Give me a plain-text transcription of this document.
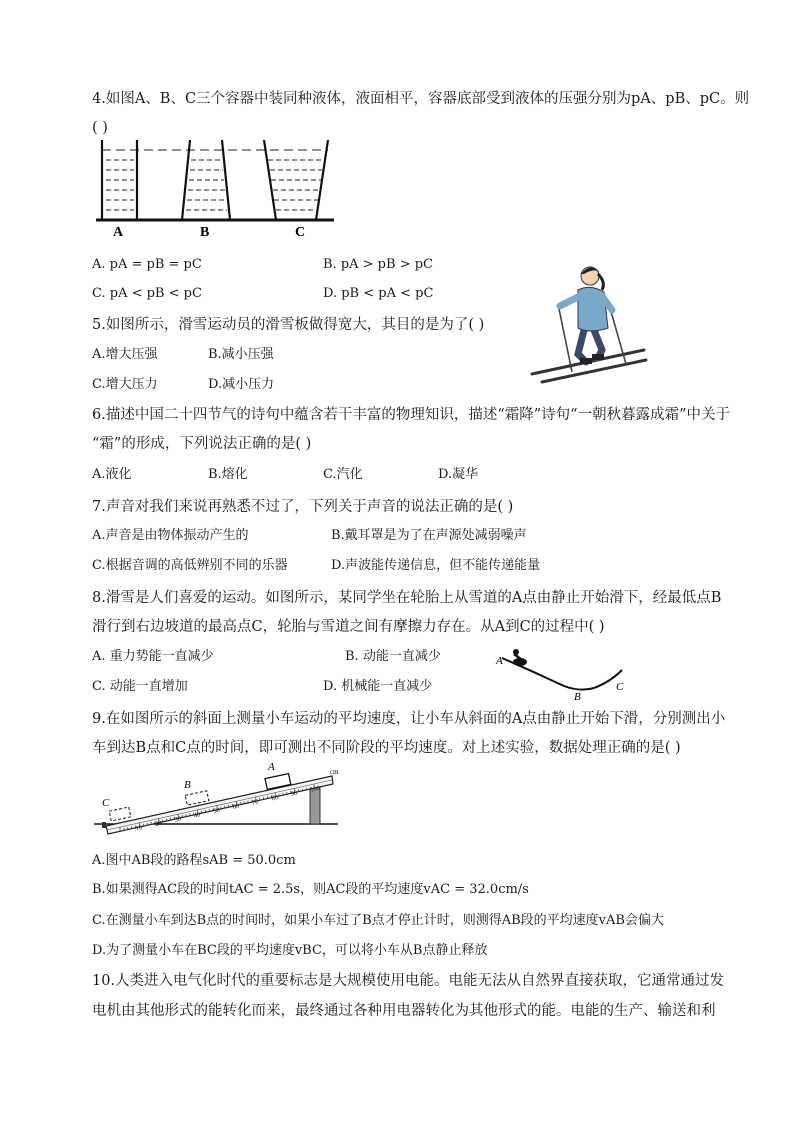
4.如图A、B、C三个容器中装同种液体，液面相平，容器底部受到液体的压强分别为pA、pB、pC。则
( )
A	B	C
A. pA = pB = pC	B. pA > pB > pC
C. pA < pB < pC	D. pB < pA < pC
5.如图所示，滑雪运动员的滑雪板做得宽大，其目的是为了( )
A.增大压强	B.减小压强
C.增大压力	D.减小压力
6.描述中国二十四节气的诗句中蕴含若干丰富的物理知识，描述“霜降”诗句“一朝秋暮露成霜”中关于
“霜”的形成，下列说法正确的是( )
A.液化	B.熔化	C.汽化	D.凝华
7.声音对我们来说再熟悉不过了，下列关于声音的说法正确的是( )
A.声音是由物体振动产生的	B.戴耳罩是为了在声源处减弱噪声
C.根据音调的高低辨别不同的乐器	D.声波能传递信息，但不能传递能量
8.滑雪是人们喜爱的运动。如图所示，某同学坐在轮胎上从雪道的A点由静止开始滑下，经最低点B
滑行到右边坡道的最高点C，轮胎与雪道之间有摩擦力存在。从A到C的过程中( )
A. 重力势能一直减少	B. 动能一直减少
C. 动能一直增加	D. 机械能一直减少
A
B
C
9.在如图所示的斜面上测量小车运动的平均速度，让小车从斜面的A点由静止开始下滑，分别测出小
车到达B点和C点的时间，即可测出不同阶段的平均速度。对上述实验，数据处理正确的是( )
10
20
30
40
50
60
70
80
90
100
cm
A
B
C
A.图中AB段的路程sAB = 50.0cm
B.如果测得AC段的时间tAC = 2.5s，则AC段的平均速度vAC = 32.0cm/s
C.在测量小车到达B点的时间时，如果小车过了B点才停止计时，则测得AB段的平均速度vAB会偏大
D.为了测量小车在BC段的平均速度vBC，可以将小车从B点静止释放
10.人类进入电气化时代的重要标志是大规模使用电能。电能无法从自然界直接获取，它通常通过发
电机由其他形式的能转化而来，最终通过各种用电器转化为其他形式的能。电能的生产、输送和利
